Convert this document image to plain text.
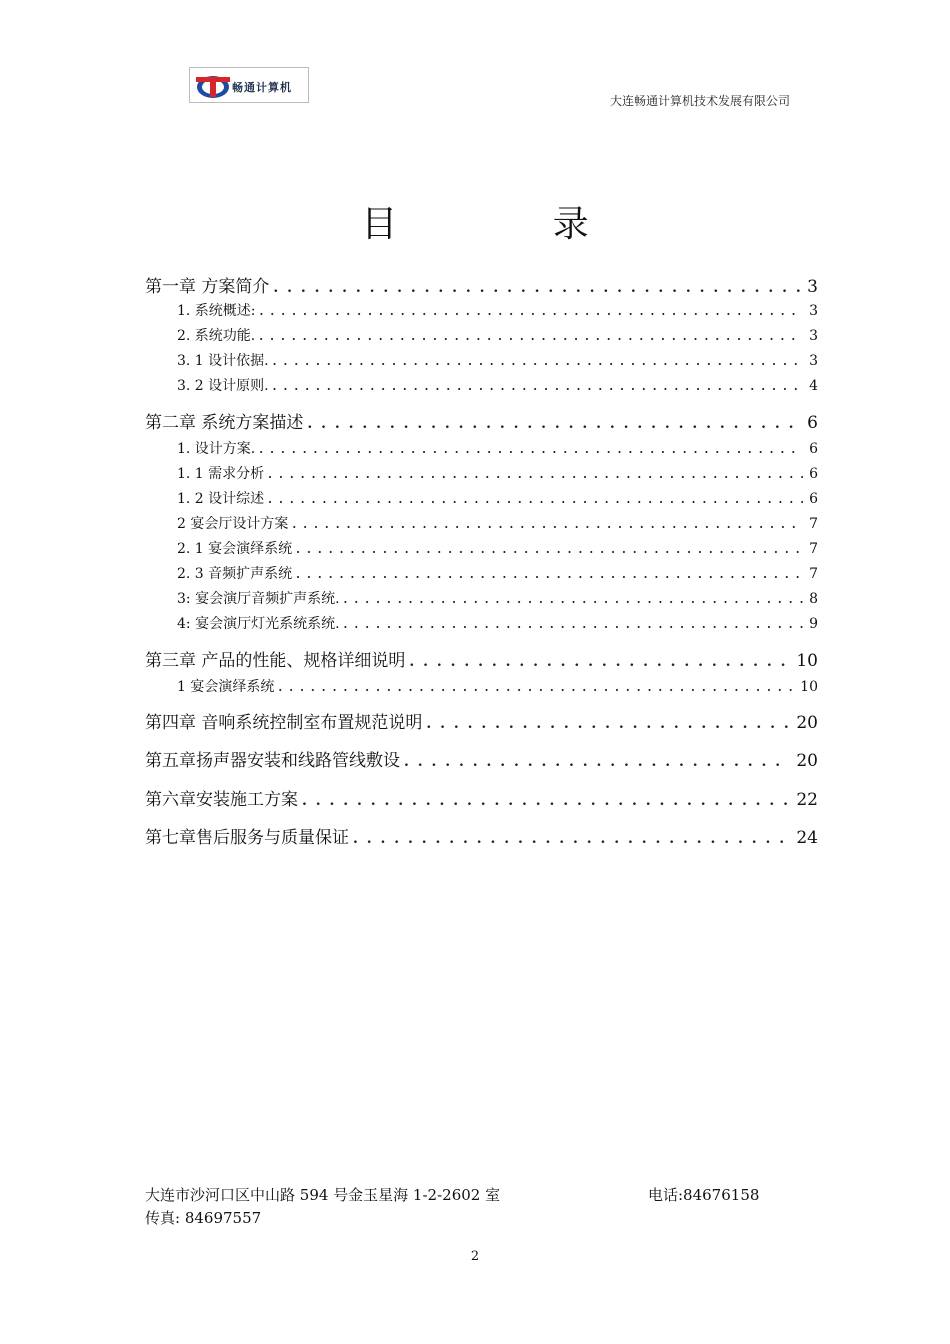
畅通计算机
大连畅通计算机技术发展有限公司
目 录
第一章 方案简介 . . .	3
1. 系统概述: . . .	3
2. 系统功能. . . .	3
3. 1 设计依据. . . .	3
3. 2 设计原则. . . .	4
第二章 系统方案描述 . . .	6
1. 设计方案. . . .	6
1. 1 需求分析 . . .	6
1. 2 设计综述 . . .	6
2 宴会厅设计方案 . . .	7
2. 1 宴会演绎系统 . . .	7
2. 3 音频扩声系统 . . .	7
3: 宴会演厅音频扩声系统. . . .	8
4: 宴会演厅灯光系统系统. . . .	9
第三章 产品的性能、规格详细说明 . . .	10
1 宴会演绎系统 . . .	10
第四章 音响系统控制室布置规范说明 . . .	20
第五章扬声器安装和线路管线敷设 . . .	20
第六章安装施工方案 . . .	22
第七章售后服务与质量保证 . . .	24
大连市沙河口区中山路 594 号金玉星海 1-2-2602 室	电话:84676158
传真: 84697557
2
